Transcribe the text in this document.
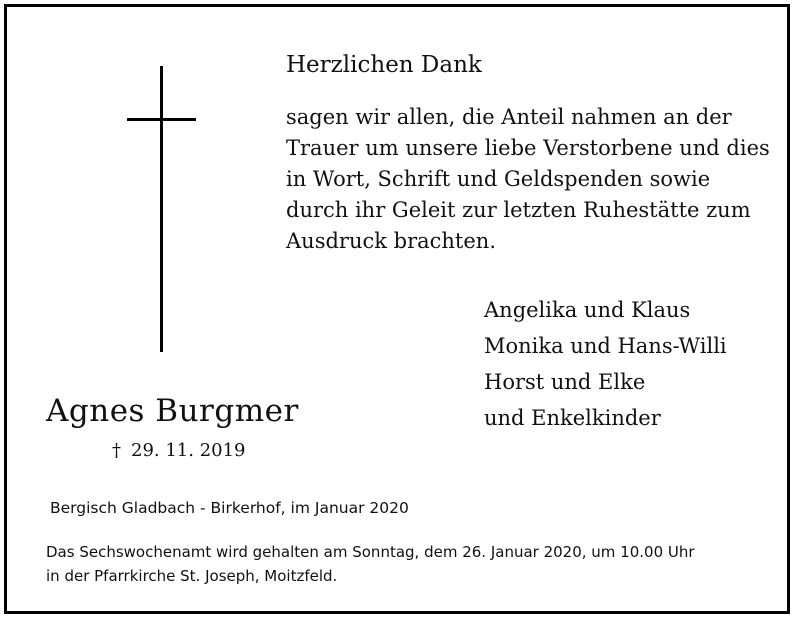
Herzlichen Dank
sagen wir allen, die Anteil nahmen an der
Trauer um unsere liebe Verstorbene und dies
in Wort, Schrift und Geldspenden sowie
durch ihr Geleit zur letzten Ruhestätte zum
Ausdruck brachten.
Angelika und Klaus
Monika und Hans-Willi
Horst und Elke
und Enkelkinder
Agnes Burgmer
† 29. 11. 2019
Bergisch Gladbach - Birkerhof, im Januar 2020
Das Sechswochenamt wird gehalten am Sonntag, dem 26. Januar 2020, um 10.00 Uhr
in der Pfarrkirche St. Joseph, Moitzfeld.
